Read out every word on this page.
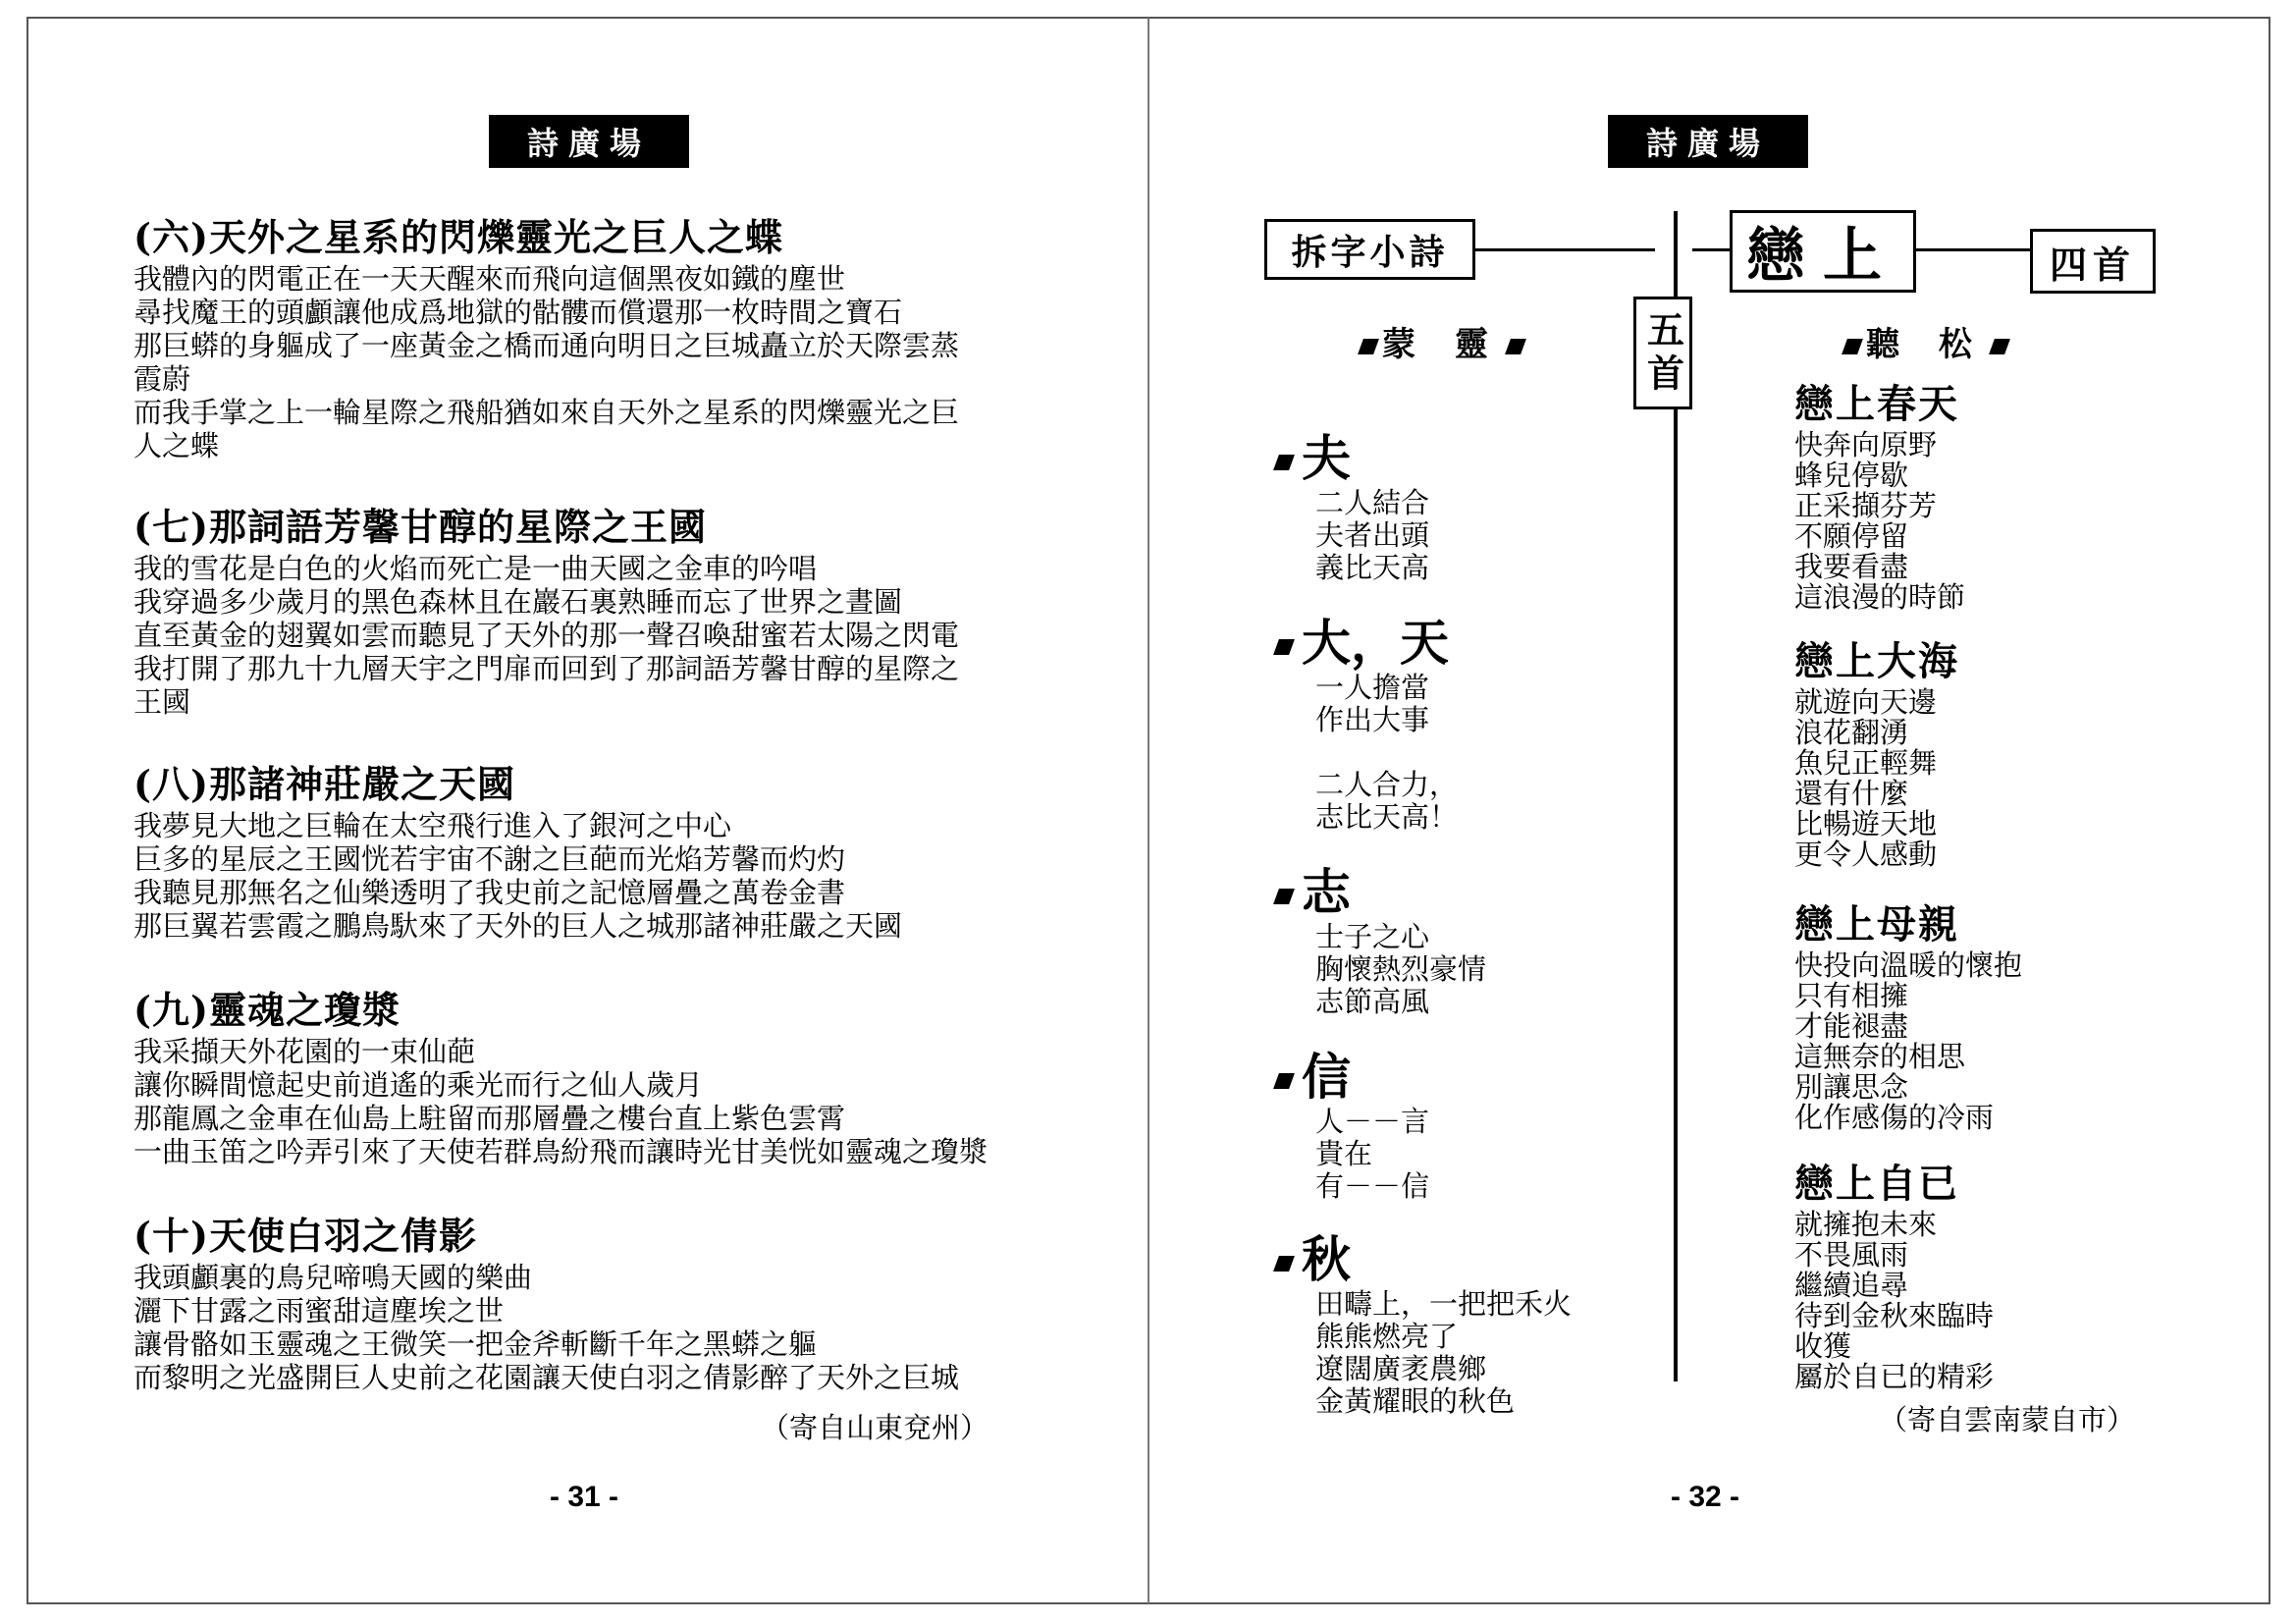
詩廣場
(六)天外之星系的閃爍靈光之巨人之蝶
我體內的閃電正在一天天醒來而飛向這個黑夜如鐵的塵世
尋找魔王的頭顱讓他成爲地獄的骷髏而償還那一枚時間之寶石
那巨蟒的身軀成了一座黃金之橋而通向明日之巨城矗立於天際雲蒸
霞蔚
而我手掌之上一輪星際之飛船猶如來自天外之星系的閃爍靈光之巨
人之蝶
(七)那詞語芳馨甘醇的星際之王國
我的雪花是白色的火焰而死亡是一曲天國之金車的吟唱
我穿過多少歲月的黑色森林且在巖石裏熟睡而忘了世界之晝圖
直至黃金的翅翼如雲而聽見了天外的那一聲召喚甜蜜若太陽之閃電
我打開了那九十九層天宇之門扉而回到了那詞語芳馨甘醇的星際之
王國
(八)那諸神莊嚴之天國
我夢見大地之巨輪在太空飛行進入了銀河之中心
巨多的星辰之王國恍若宇宙不謝之巨葩而光焰芳馨而灼灼
我聽見那無名之仙樂透明了我史前之記憶層疊之萬卷金書
那巨翼若雲霞之鵬鳥馱來了天外的巨人之城那諸神莊嚴之天國
(九)靈魂之瓊漿
我采擷天外花園的一束仙葩
讓你瞬間憶起史前逍遙的乘光而行之仙人歲月
那龍鳳之金車在仙島上駐留而那層疊之樓台直上紫色雲霄
一曲玉笛之吟弄引來了天使若群鳥紛飛而讓時光甘美恍如靈魂之瓊漿
(十)天使白羽之倩影
我頭顱裏的鳥兒啼鳴天國的樂曲
灑下甘露之雨蜜甜這塵埃之世
讓骨骼如玉靈魂之王微笑一把金斧斬斷千年之黑蟒之軀
而黎明之光盛開巨人史前之花園讓天使白羽之倩影醉了天外之巨城
（寄自山東兗州）
- 31 -
詩廣場
拆字小詩
五首
戀上	四首
蒙 靈	聽 松
夫
二人結合
夫者出頭
義比天高
大，天
一人擔當
作出大事
二人合力，
志比天高！
志
士子之心
胸懷熱烈豪情
志節高風
信
人－－言
貴在
有－－信
秋
田疇上，一把把禾火
熊熊燃亮了
遼闊廣袤農鄉
金黃耀眼的秋色
戀上春天
快奔向原野
蜂兒停歇
正采擷芬芳
不願停留
我要看盡
這浪漫的時節
戀上大海
就遊向天邊
浪花翻湧
魚兒正輕舞
還有什麼
比暢遊天地
更令人感動
戀上母親
快投向溫暖的懷抱
只有相擁
才能褪盡
這無奈的相思
別讓思念
化作感傷的冷雨
戀上自已
就擁抱未來
不畏風雨
繼續追尋
待到金秋來臨時
收獲
屬於自已的精彩
（寄自雲南蒙自市）
- 32 -
